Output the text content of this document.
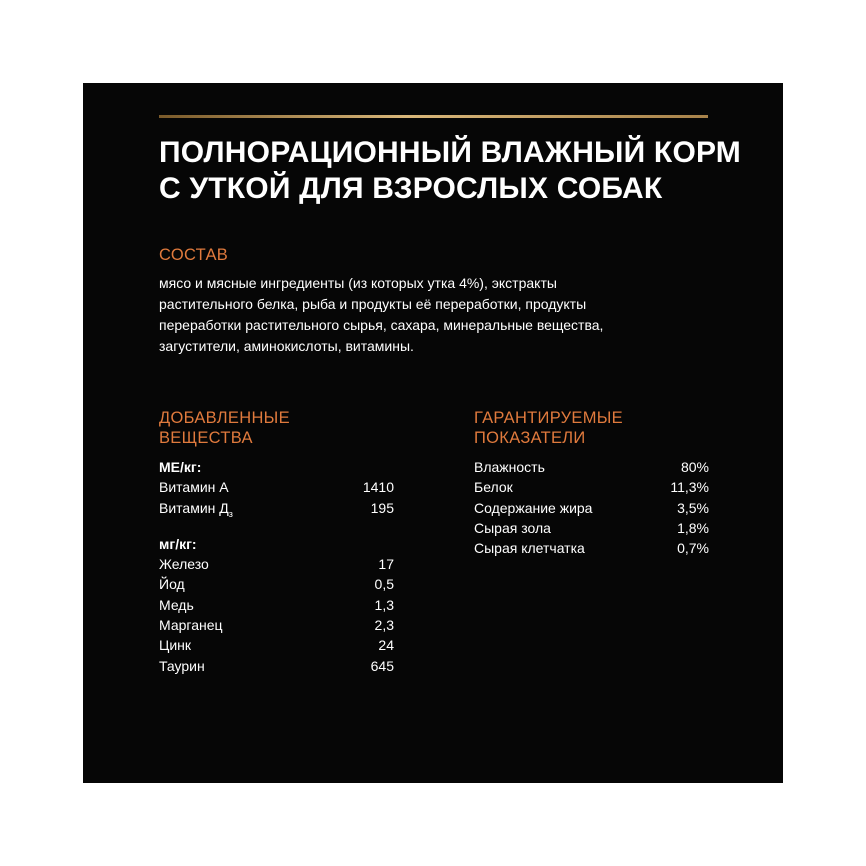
ПОЛНОРАЦИОННЫЙ ВЛАЖНЫЙ КОРМ
С УТКОЙ ДЛЯ ВЗРОСЛЫХ СОБАК
СОСТАВ
мясо и мясные ингредиенты (из которых утка 4%), экстракты
растительного белка, рыба и продукты её переработки, продукты
переработки растительного сырья, сахара, минеральные вещества,
загустители, аминокислоты, витамины.
ДОБАВЛЕННЫЕ
ВЕЩЕСТВА
МЕ/кг:
Витамин А	1410
Витамин $Д_з$	195
мг/кг:
Железо	17
Йод	0,5
Медь	1,3
Марганец	2,3
Цинк	24
Таурин	645
ГАРАНТИРУЕМЫЕ
ПОКАЗАТЕЛИ
Влажность	80%
Белок	11,3%
Содержание жира	3,5%
Сырая зола	1,8%
Сырая клетчатка	0,7%
